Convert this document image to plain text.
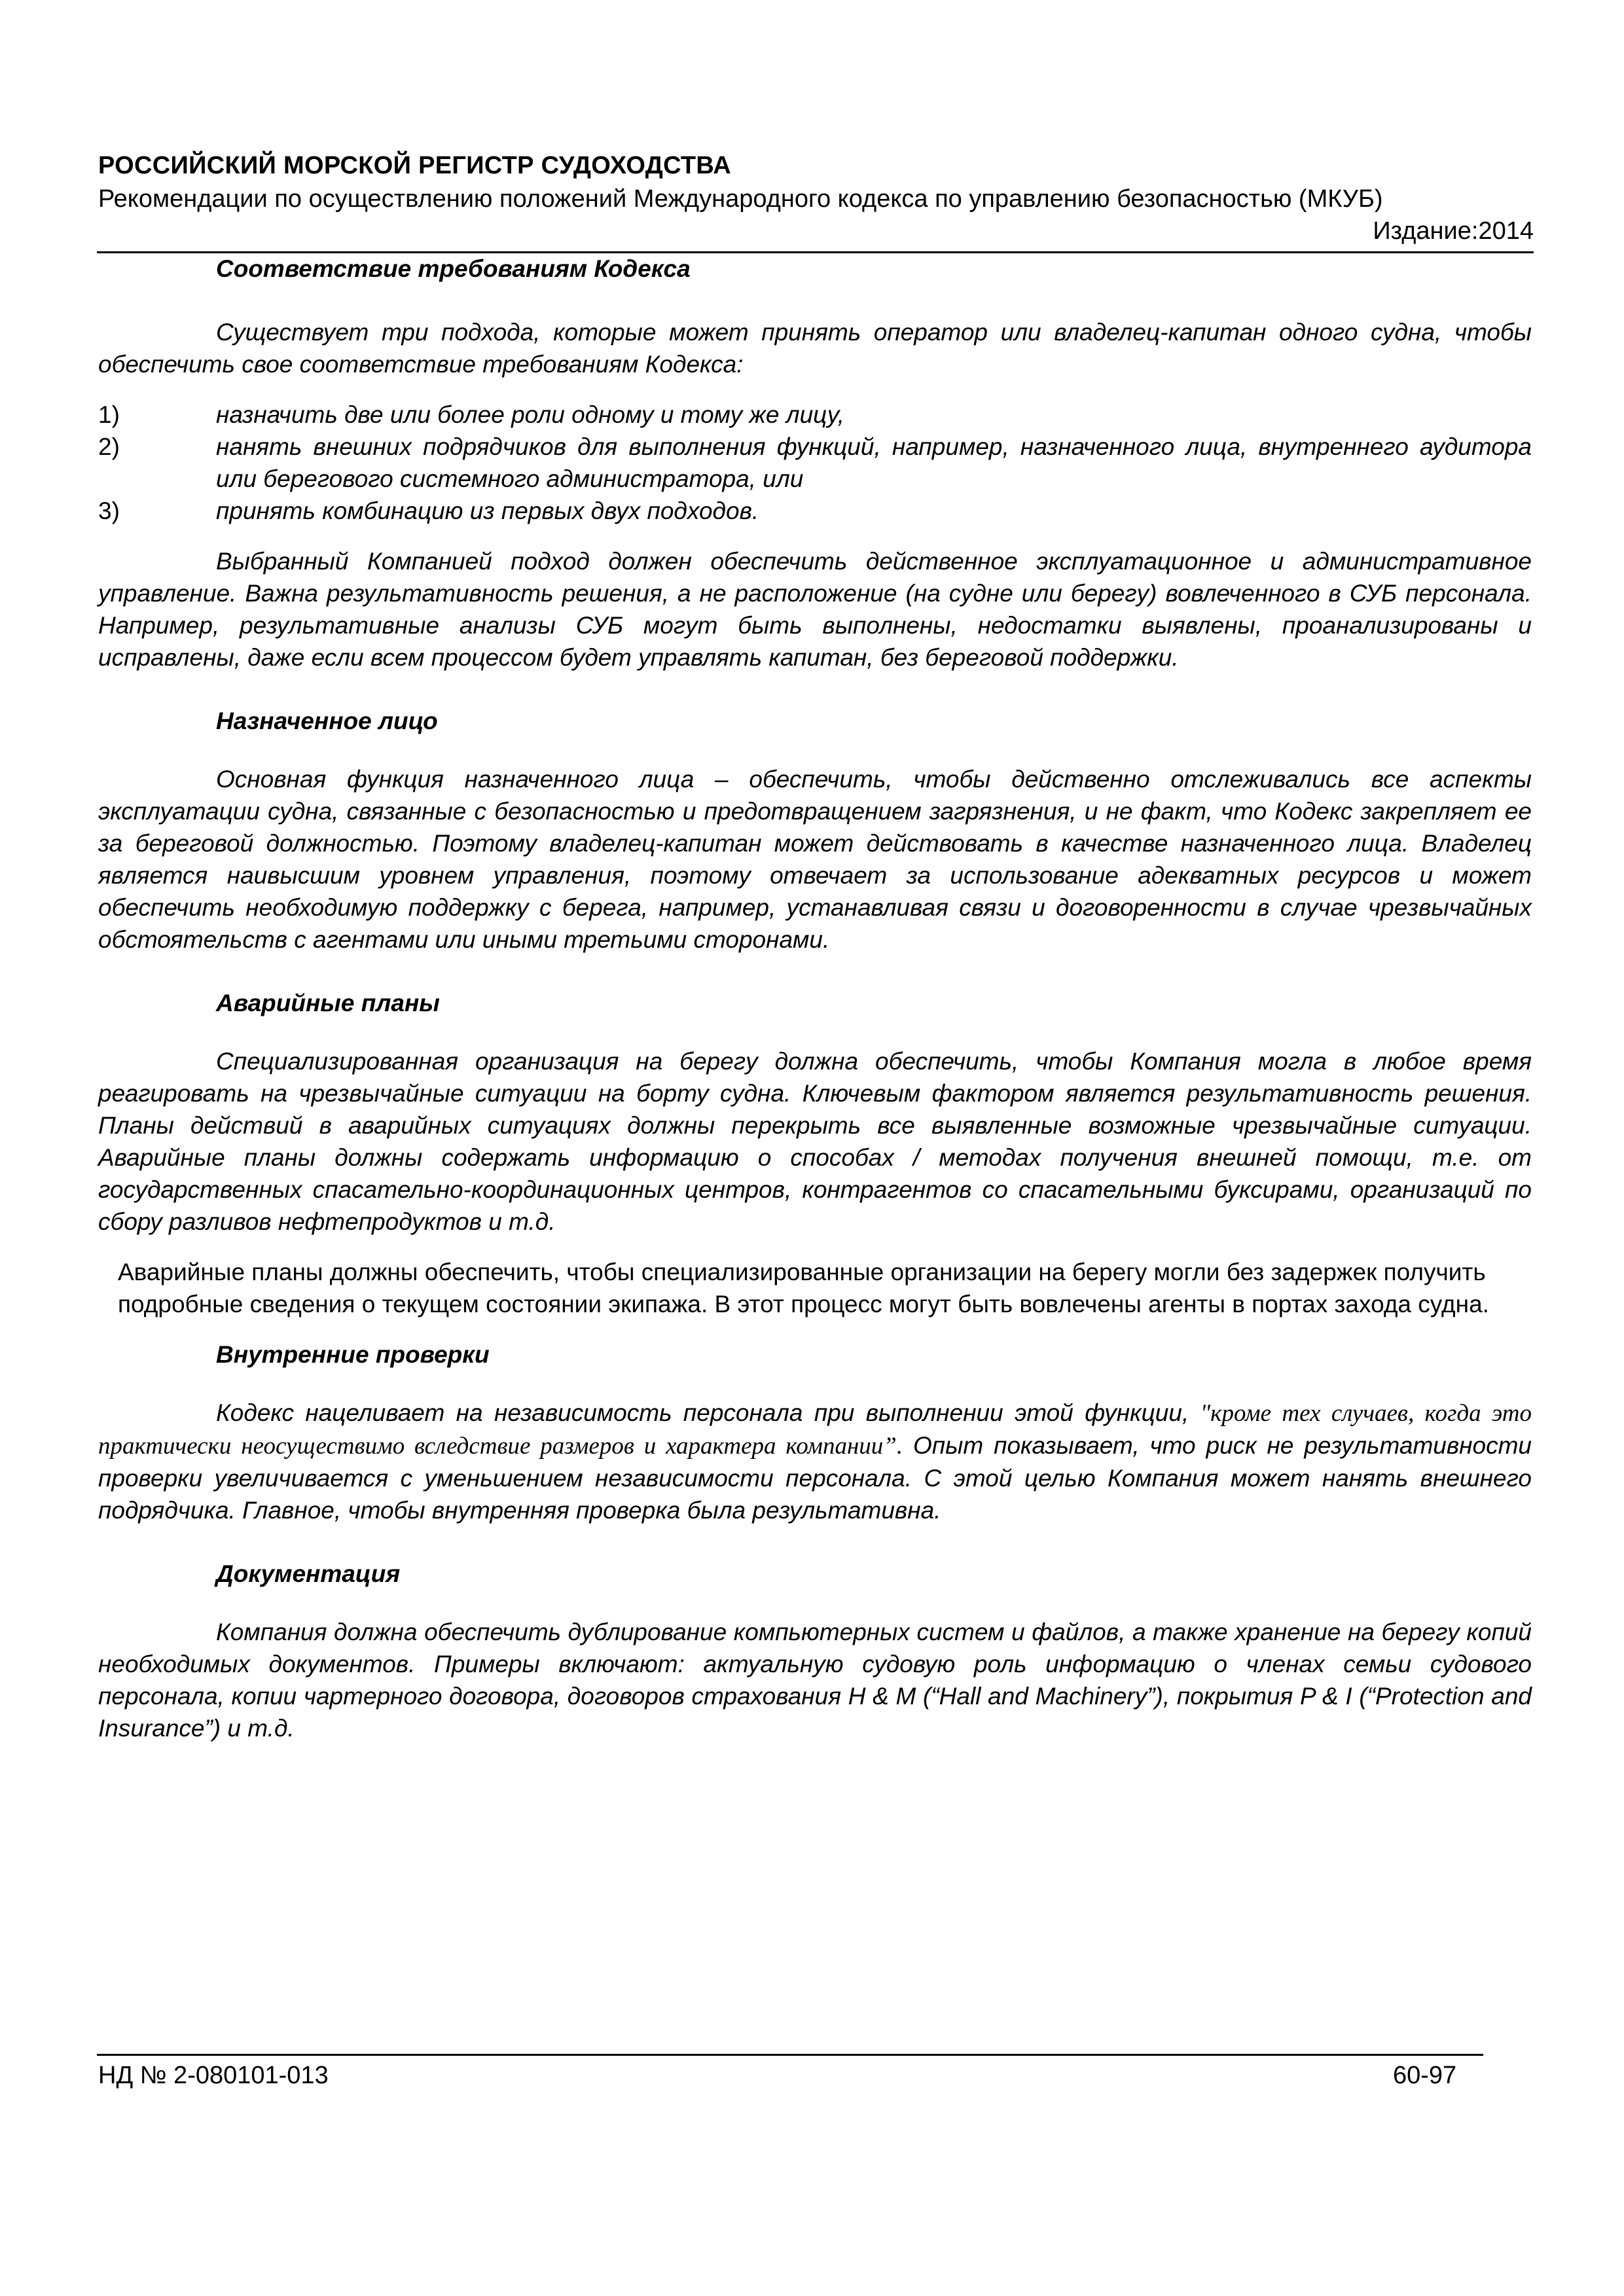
РОССИЙСКИЙ МОРСКОЙ РЕГИСТР СУДОХОДСТВА
Рекомендации по осуществлению положений Международного кодекса по управлению безопасностью (МКУБ)
Издание:2014

Соответствие требованиям Кодекса

Существует три подхода, которые может принять оператор или владелец-капитан одного судна, чтобы обеспечить свое соответствие требованиям Кодекса:

1)	назначить две или более роли одному и тому же лицу,
2)	нанять внешних подрядчиков для выполнения функций, например, назначенного лица, внутреннего аудитора или берегового системного администратора, или
3)	принять комбинацию из первых двух подходов.

Выбранный Компанией подход должен обеспечить действенное эксплуатационное и административное управление. Важна результативность решения, а не расположение (на судне или берегу) вовлеченного в СУБ персонала. Например, результативные анализы СУБ могут быть выполнены, недостатки выявлены, проанализированы и исправлены, даже если всем процессом будет управлять капитан, без береговой поддержки.

Назначенное лицо

Основная функция назначенного лица – обеспечить, чтобы действенно отслеживались все аспекты эксплуатации судна, связанные с безопасностью и предотвращением загрязнения, и не факт, что Кодекс закрепляет ее за береговой должностью. Поэтому владелец-капитан может действовать в качестве назначенного лица. Владелец является наивысшим уровнем управления, поэтому отвечает за использование адекватных ресурсов и может обеспечить необходимую поддержку с берега, например, устанавливая связи и договоренности в случае чрезвычайных обстоятельств с агентами или иными третьими сторонами.

Аварийные планы

Специализированная организация на берегу должна обеспечить, чтобы Компания могла в любое время реагировать на чрезвычайные ситуации на борту судна. Ключевым фактором является результативность решения. Планы действий в аварийных ситуациях должны перекрыть все выявленные возможные чрезвычайные ситуации. Аварийные планы должны содержать информацию о способах / методах получения внешней помощи, т.е. от государственных спасательно-координационных центров, контрагентов со спасательными буксирами, организаций по сбору разливов нефтепродуктов и т.д.

Аварийные планы должны обеспечить, чтобы специализированные организации на берегу могли без задержек получить подробные сведения о текущем состоянии экипажа. В этот процесс могут быть вовлечены агенты в портах захода судна.

Внутренние проверки

Кодекс нацеливает на независимость персонала при выполнении этой функции, "кроме тех случаев, когда это практически неосуществимо вследствие размеров и характера компании”. Опыт показывает, что риск не результативности проверки увеличивается с уменьшением независимости персонала. С этой целью Компания может нанять внешнего подрядчика. Главное, чтобы внутренняя проверка была результативна.

Документация

Компания должна обеспечить дублирование компьютерных систем и файлов, а также хранение на берегу копий необходимых документов. Примеры включают: актуальную судовую роль информацию о членах семьи судового персонала, копии чартерного договора, договоров страхования H & M (“Hall and Machinery”), покрытия P & I (“Protection and Insurance”) и т.д.

НД № 2-080101-013	60-97
